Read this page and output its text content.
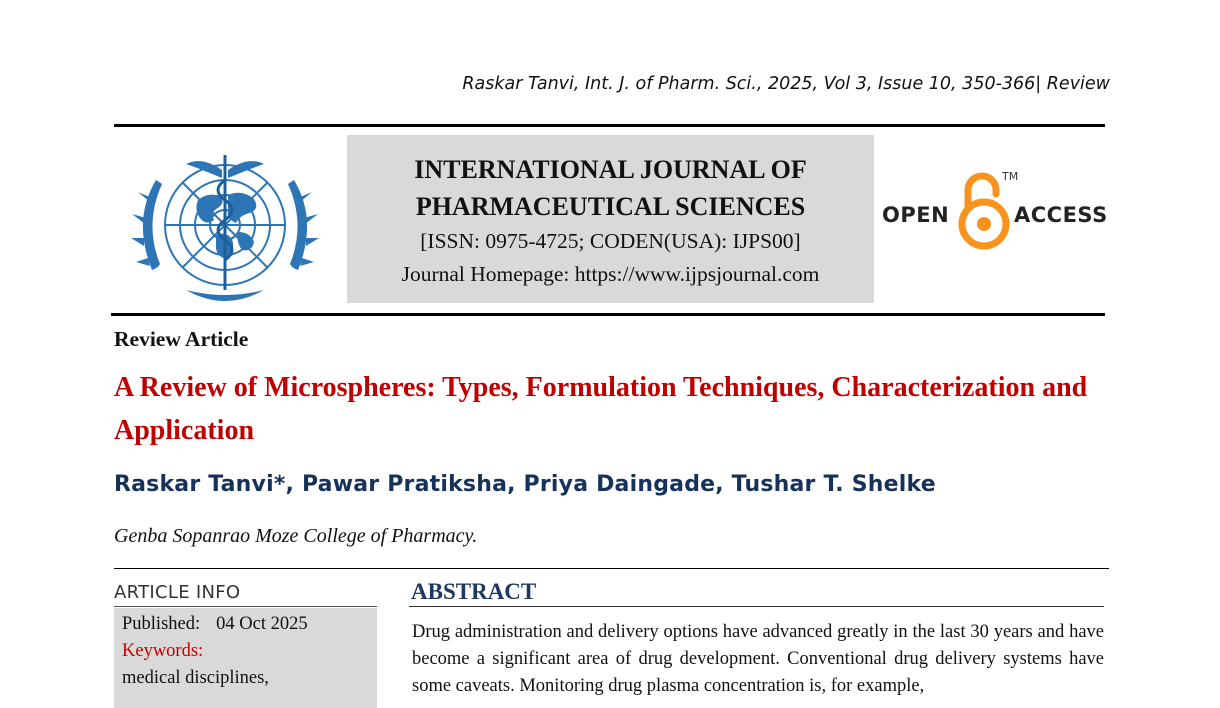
Raskar Tanvi, Int. J. of Pharm. Sci., 2025, Vol 3, Issue 10, 350-366| Review
INTERNATIONAL JOURNAL OF
PHARMACEUTICAL SCIENCES
[ISSN: 0975-4725; CODEN(USA): IJPS00]
Journal Homepage: https://www.ijpsjournal.com
OPEN
TM
ACCESS
Review Article
A Review of Microspheres: Types, Formulation Techniques, Characterization and Application
Raskar Tanvi*, Pawar Pratiksha, Priya Daingade, Tushar T. Shelke
Genba Sopanrao Moze College of Pharmacy.
ARTICLE INFO
Published: 04 Oct 2025
Keywords:
medical disciplines,
ABSTRACT
Drug administration and delivery options have advanced greatly in the last 30 years and have become a significant area of drug development. Conventional drug delivery systems have some caveats. Monitoring drug plasma concentration is, for example,
